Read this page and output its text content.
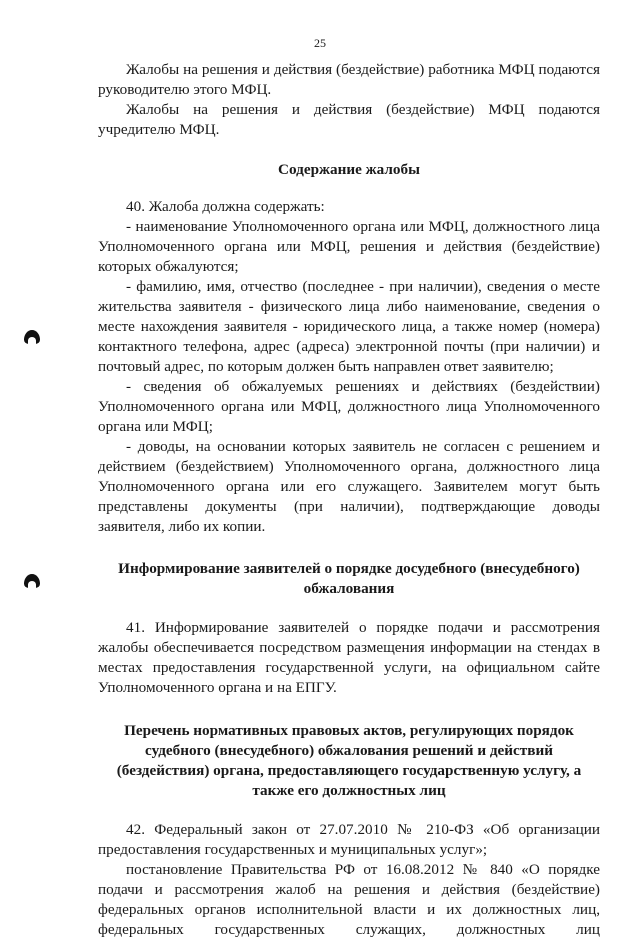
25

Жалобы на решения и действия (бездействие) работника МФЦ подаются руководителю этого МФЦ.

Жалобы на решения и действия (бездействие) МФЦ подаются учредителю МФЦ.

Содержание жалобы

40. Жалоба должна содержать:

- наименование Уполномоченного органа или МФЦ, должностного лица Уполномоченного органа или МФЦ, решения и действия (бездействие) которых обжалуются;

- фамилию, имя, отчество (последнее - при наличии), сведения о месте жительства заявителя - физического лица либо наименование, сведения о месте нахождения заявителя - юридического лица, а также номер (номера) контактного телефона, адрес (адреса) электронной почты (при наличии) и почтовый адрес, по которым должен быть направлен ответ заявителю;

- сведения об обжалуемых решениях и действиях (бездействии) Уполномоченного органа или МФЦ, должностного лица Уполномоченного органа или МФЦ;

- доводы, на основании которых заявитель не согласен с решением и действием (бездействием) Уполномоченного органа, должностного лица Уполномоченного органа или его служащего. Заявителем могут быть представлены документы (при наличии), подтверждающие доводы заявителя, либо их копии.

Информирование заявителей о порядке досудебного (внесудебного) обжалования

41. Информирование заявителей о порядке подачи и рассмотрения жалобы обеспечивается посредством размещения информации на стендах в местах предоставления государственной услуги, на официальном сайте Уполномоченного органа и на ЕПГУ.

Перечень нормативных правовых актов, регулирующих порядок судебного (внесудебного) обжалования решений и действий (бездействия) органа, предоставляющего государственную услугу, а также его должностных лиц

42. Федеральный закон от 27.07.2010 № 210-ФЗ «Об организации предоставления государственных и муниципальных услуг»;

постановление Правительства РФ от 16.08.2012 № 840 «О порядке подачи и рассмотрения жалоб на решения и действия (бездействие) федеральных органов исполнительной власти и их должностных лиц, федеральных государственных служащих, должностных лиц
